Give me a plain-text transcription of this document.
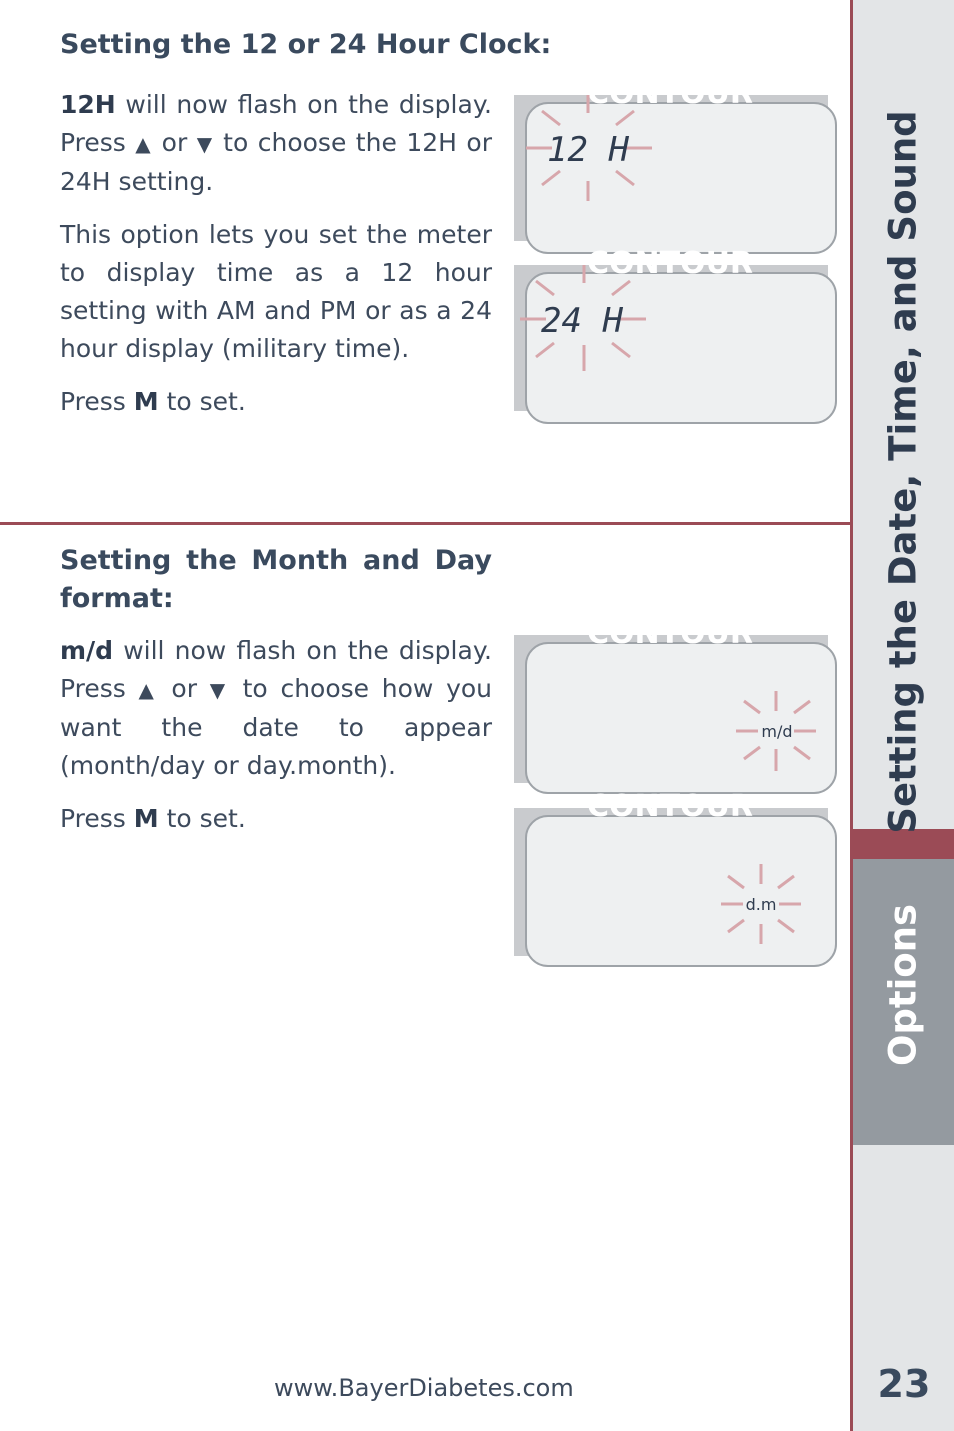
Setting the 12 or 24 Hour Clock:

12H will now flash on the display. Press ▲ or ▼ to choose the 12H or 24H setting.

This option lets you set the meter to display time as a 12 hour setting with AM and PM or as a 24 hour display (military time).

Press M to set.

CONTOUR
12 H
CONTOUR
24 H

Setting the Month and Day format:

m/d will now flash on the display. Press ▲ or ▼ to choose how you want the date to appear (month/day or day.month).

Press M to set.

CONTOUR
m/d
CONTOUR
d.m
www.BayerDiabetes.com
Setting the Date, Time, and Sound
Options
23
